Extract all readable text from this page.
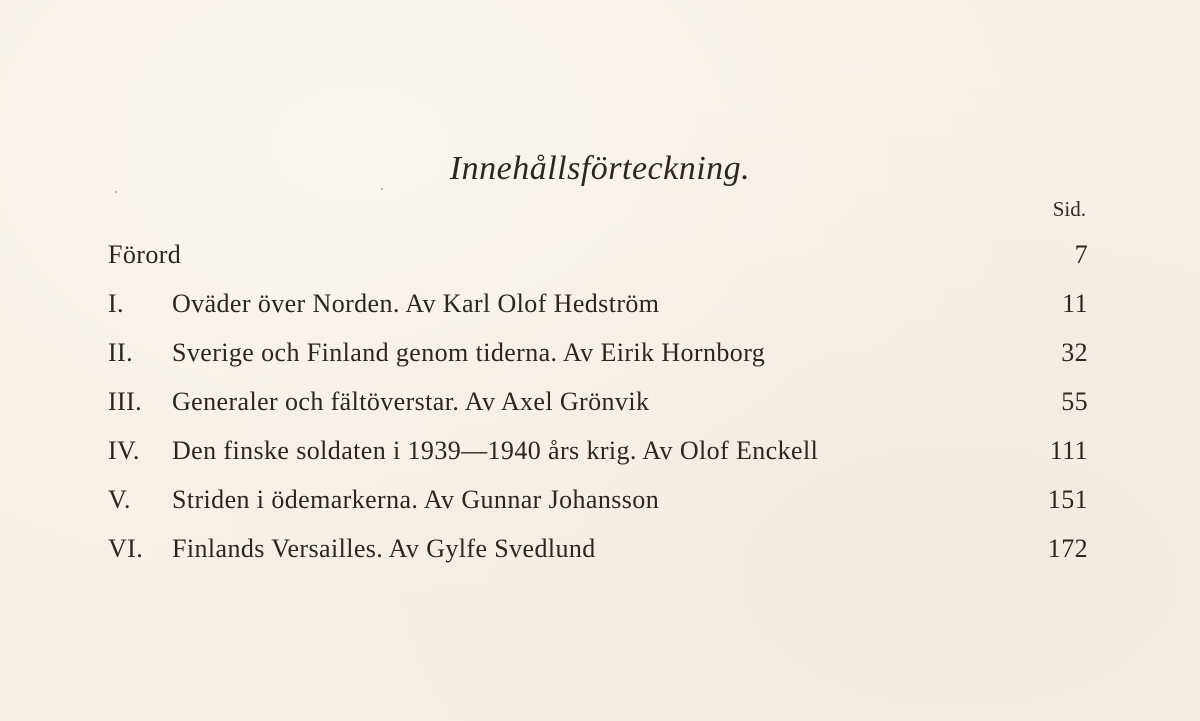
Innehållsförteckning.
Sid.
Förord	7
I.	Oväder över Norden. Av Karl Olof Hedström	11
II.	Sverige och Finland genom tiderna. Av Eirik Hornborg	32
III.	Generaler och fältöverstar. Av Axel Grönvik	55
IV.	Den finske soldaten i 1939—1940 års krig. Av Olof Enckell	111
V.	Striden i ödemarkerna. Av Gunnar Johansson	151
VI.	Finlands Versailles. Av Gylfe Svedlund	172
